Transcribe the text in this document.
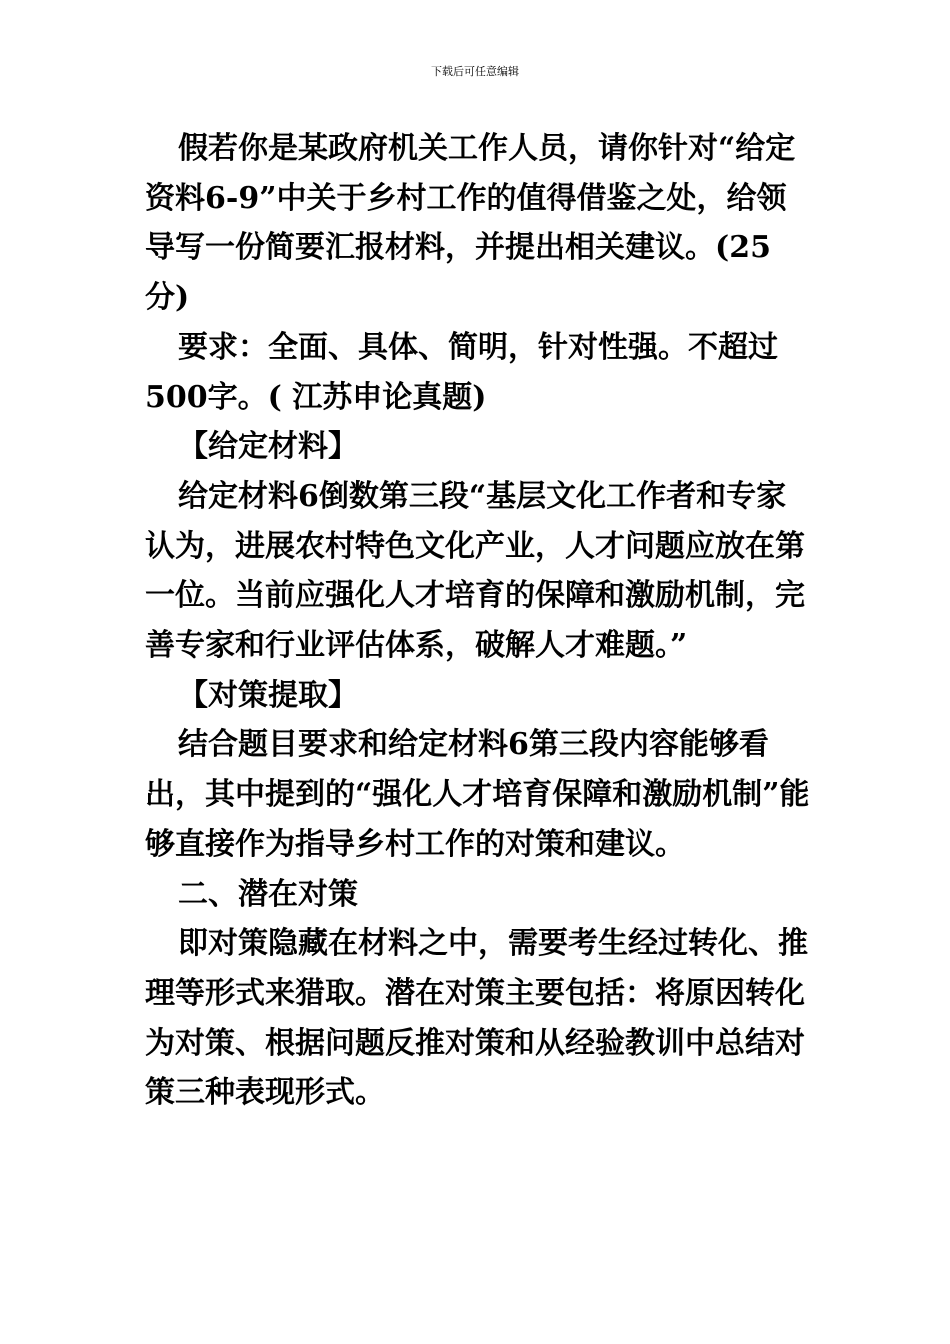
下载后可任意编辑

假若你是某政府机关工作人员，请你针对“给定资料6-9”中关于乡村工作的值得借鉴之处，给领导写一份简要汇报材料，并提出相关建议。(25分)

要求：全面、具体、简明，针对性强。不超过500字。( 江苏申论真题)

【给定材料】

给定材料6倒数第三段“基层文化工作者和专家认为，进展农村特色文化产业，人才问题应放在第一位。当前应强化人才培育的保障和激励机制，完善专家和行业评估体系，破解人才难题。”

【对策提取】

结合题目要求和给定材料6第三段内容能够看出，其中提到的“强化人才培育保障和激励机制”能够直接作为指导乡村工作的对策和建议。

二、潜在对策

即对策隐藏在材料之中，需要考生经过转化、推理等形式来猎取。潜在对策主要包括：将原因转化为对策、根据问题反推对策和从经验教训中总结对策三种表现形式。
